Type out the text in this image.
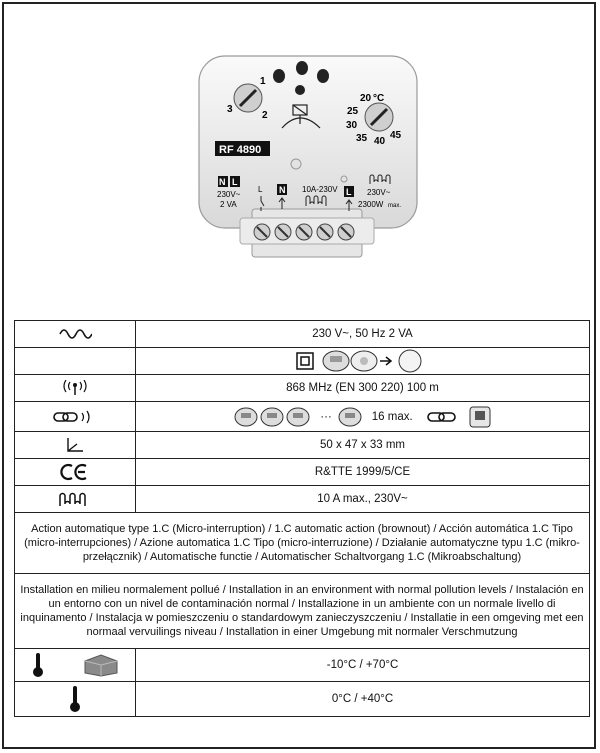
1
2
3
20 °C
25
30
35 40
45
RF 4890
N L
230V~
2 VA
L N 10A-230V L 230V~
2300W max.
	230 V~, 50 Hz 2 VA

	868 MHz (EN 300 220) 100 m

··· 16 max.

	50 x 47 x 33 mm

	R&TTE 1999/5/CE

	10 A max., 230V~
Action automatique type 1.C (Micro-interruption) / 1.C automatic action (brownout) / Acción automática 1.C Tipo (micro-interrupciones) / Azione automatica 1.C Tipo (micro-interruzione) / Działanie automatyczne typu 1.C (mikro-przełącznik) / Automatische functie / Automatischer Schaltvorgang 1.C (Mikroabschaltung)	
Installation en milieu normalement pollué / Installation in an environment with normal pollution levels / Instalación en un entorno con un nivel de contaminación normal / Installazione in un ambiente con un normale livello di inquinamento / Instalacja w pomieszczeniu o standardowym zanieczyszczeniu / Installatie in een omgeving met een normaal vervuilings niveau / Installation in einer Umgebung mit normaler Verschmutzung	

	-10°C / +70°C

	0°C / +40°C
